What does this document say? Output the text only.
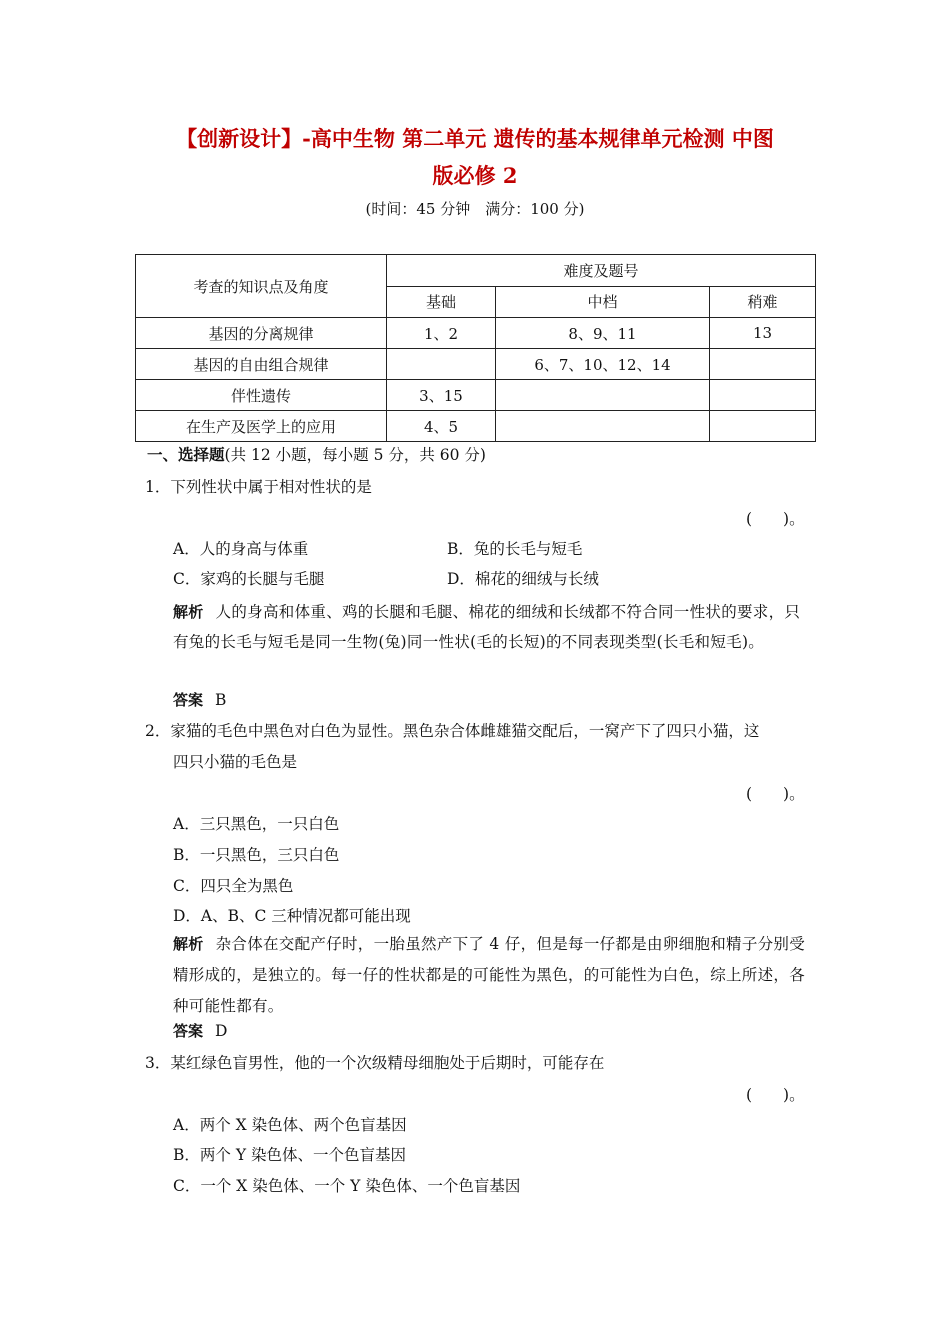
【创新设计】-高中生物 第二单元 遗传的基本规律单元检测 中图
版必修 2
(时间：45 分钟　满分：100 分)
考查的知识点及角度	难度及题号		
	基础	中档	稍难
基因的分离规律	1、2	8、9、11	13
基因的自由组合规律		6、7、10、12、14	
伴性遗传	3、15		
在生产及医学上的应用	4、5		
一、选择题(共 12 小题，每小题 5 分，共 60 分)
1．下列性状中属于相对性状的是
(　　)。
A．人的身高与体重	B．兔的长毛与短毛
C．家鸡的长腿与毛腿	D．棉花的细绒与长绒
解析 人的身高和体重、鸡的长腿和毛腿、棉花的细绒和长绒都不符合同一性状的要求，只有兔的长毛与短毛是同一生物(兔)同一性状(毛的长短)的不同表现类型(长毛和短毛)。
答案 B
2．家猫的毛色中黑色对白色为显性。黑色杂合体雌雄猫交配后，一窝产下了四只小猫，这
四只小猫的毛色是
(　　)。
A．三只黑色，一只白色
B．一只黑色，三只白色
C．四只全为黑色
D．A、B、C 三种情况都可能出现
解析 杂合体在交配产仔时，一胎虽然产下了 4 仔，但是每一仔都是由卵细胞和精子分别受精形成的，是独立的。每一仔的性状都是的可能性为黑色，的可能性为白色，综上所述，各种可能性都有。
答案 D
3．某红绿色盲男性，他的一个次级精母细胞处于后期时，可能存在
(　　)。
A．两个 X 染色体、两个色盲基因
B．两个 Y 染色体、一个色盲基因
C．一个 X 染色体、一个 Y 染色体、一个色盲基因
